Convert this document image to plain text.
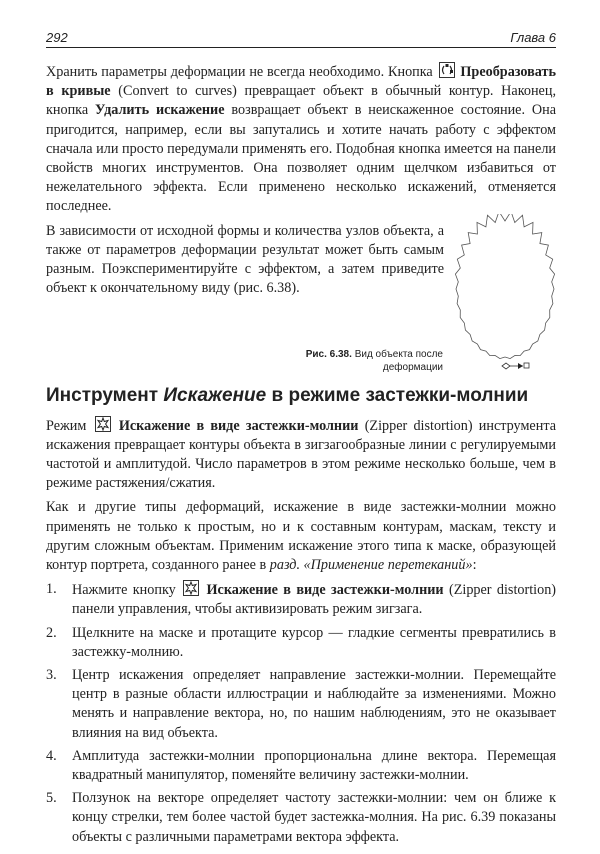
292	Глава 6
Хранить параметры деформации не всегда необходимо. Кнопка Преобразовать в кривые (Convert to curves) превращает объект в обычный контур. Наконец, кнопка Удалить искажение возвращает объект в неискаженное состояние. Она пригодится, например, если вы запутались и хотите начать работу с эффектом сначала или просто передумали применять его. Подобная кнопка имеется на панели свойств многих инструментов. Она позволяет одним щелчком избавиться от нежелательного эффекта. Если применено несколько искажений, отменяется последнее.
В зависимости от исходной формы и количества узлов объекта, а также от параметров деформации результат может быть самым разным. Поэкспериментируйте с эффектом, а затем приведите объект к окончательному виду (рис. 6.38).
Рис. 6.38. Вид объекта после деформации
Инструмент Искажение в режиме застежки-молнии
Режим Искажение в виде застежки-молнии (Zipper distortion) инструмента искажения превращает контуры объекта в зигзагообразные линии с регулируемыми частотой и амплитудой. Число параметров в этом режиме несколько больше, чем в режиме растяжения/сжатия.
Как и другие типы деформаций, искажение в виде застежки-молнии можно применять не только к простым, но и к составным контурам, маскам, тексту и другим сложным объектам. Применим искажение этого типа к маске, образующей контур портрета, созданного ранее в разд. «Применение перетеканий»:
1. Нажмите кнопку Искажение в виде застежки-молнии (Zipper distortion) панели управления, чтобы активизировать режим зигзага.
2. Щелкните на маске и протащите курсор — гладкие сегменты превратились в застежку-молнию.
3. Центр искажения определяет направление застежки-молнии. Перемещайте центр в разные области иллюстрации и наблюдайте за изменениями. Можно менять и направление вектора, но, по нашим наблюдениям, это не оказывает влияния на вид объекта.
4. Амплитуда застежки-молнии пропорциональна длине вектора. Перемещая квадратный манипулятор, поменяйте величину застежки-молнии.
5. Ползунок на векторе определяет частоту застежки-молнии: чем он ближе к концу стрелки, тем более частой будет застежка-молния. На рис. 6.39 показаны объекты с различными параметрами вектора эффекта.
